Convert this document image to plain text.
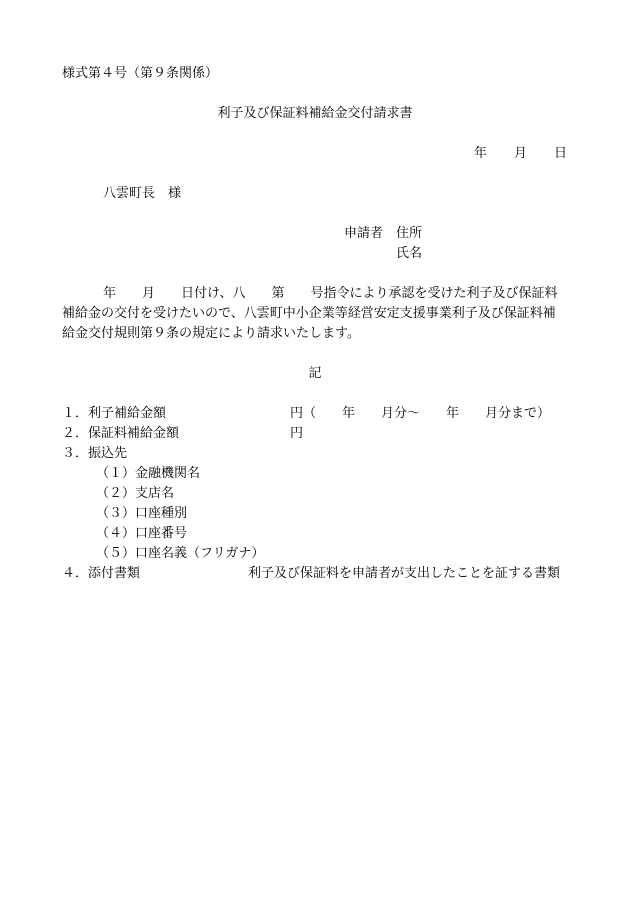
様式第４号（第９条関係）
利子及び保証料補給金交付請求書
年 月 日
八雲町長　様
申請者 住所
氏名
年　　月　　日付け、八　　第　　号指令により承認を受けた利子及び保証料
補給金の交付を受けたいので、八雲町中小企業等経営安定支援事業利子及び保証料補
給金交付規則第９条の規定により請求いたします。
記
１．利子補給金額	円（ 年　　月分〜　　年　　月分まで）
２．保証料補給金額	円
３．振込先
（１）金融機関名
（２）支店名
（３）口座種別
（４）口座番号
（５）口座名義（フリガナ）
４．添付書類	利子及び保証料を申請者が支出したことを証する書類
